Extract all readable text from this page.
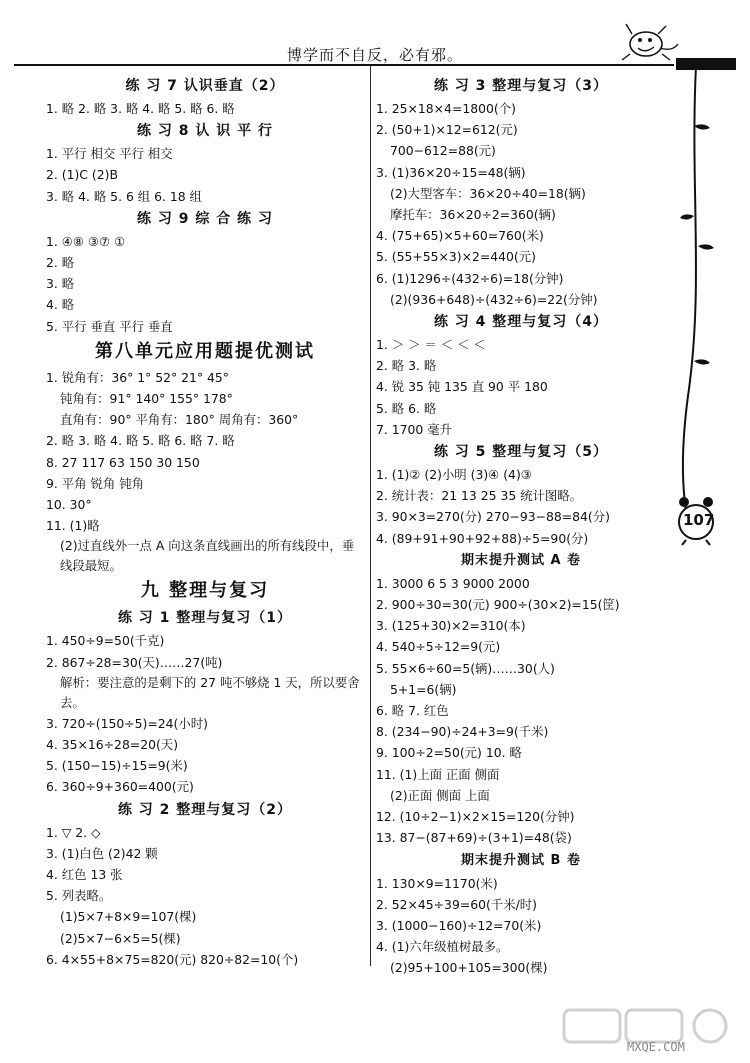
博学而不自反，必有邪。
107
练 习 7 认识垂直（2）
1. 略 2. 略 3. 略 4. 略 5. 略 6. 略
练 习 8 认 识 平 行
1. 平行 相交 平行 相交
2. (1)C (2)B
3. 略 4. 略 5. 6 组 6. 18 组
练 习 9 综 合 练 习
1. ④⑧ ③⑦ ①
2. 略
3. 略
4. 略
5. 平行 垂直 平行 垂直
第八单元应用题提优测试
1. 锐角有：36° 1° 52° 21° 45°
钝角有：91° 140° 155° 178°
直角有：90° 平角有：180° 周角有：360°
2. 略 3. 略 4. 略 5. 略 6. 略 7. 略
8. 27 117 63 150 30 150
9. 平角 锐角 钝角
10. 30°
11. (1)略
(2)过直线外一点 A 向这条直线画出的所有线段中，垂线段最短。
九 整理与复习
练 习 1 整理与复习（1）
1. 450÷9=50(千克)
2. 867÷28=30(天)……27(吨)
解析：要注意的是剩下的 27 吨不够烧 1 天，所以要舍去。
3. 720÷(150÷5)=24(小时)
4. 35×16÷28=20(天)
5. (150−15)÷15=9(米)
6. 360÷9+360=400(元)
练 习 2 整理与复习（2）
1. ▽ 2. ◇
3. (1)白色 (2)42 颗
4. 红色 13 张
5. 列表略。
(1)5×7+8×9=107(棵)
(2)5×7−6×5=5(棵)
6. 4×55+8×75=820(元) 820÷82=10(个)
练 习 3 整理与复习（3）
1. 25×18×4=1800(个)
2. (50+1)×12=612(元)
700−612=88(元)
3. (1)36×20÷15=48(辆)
(2)大型客车：36×20÷40=18(辆)
摩托车：36×20÷2=360(辆)
4. (75+65)×5+60=760(米)
5. (55+55×3)×2=440(元)
6. (1)1296÷(432÷6)=18(分钟)
(2)(936+648)÷(432÷6)=22(分钟)
练 习 4 整理与复习（4）
1. ＞ ＞ ＝ ＜ ＜ ＜
2. 略 3. 略
4. 锐 35 钝 135 直 90 平 180
5. 略 6. 略
7. 1700 毫升
练 习 5 整理与复习（5）
1. (1)② (2)小明 (3)④ (4)③
2. 统计表：21 13 25 35 统计图略。
3. 90×3=270(分) 270−93−88=84(分)
4. (89+91+90+92+88)÷5=90(分)
期末提升测试 A 卷
1. 3000 6 5 3 9000 2000
2. 900÷30=30(元) 900÷(30×2)=15(筐)
3. (125+30)×2=310(本)
4. 540÷5÷12=9(元)
5. 55×6÷60=5(辆)……30(人)
5+1=6(辆)
6. 略 7. 红色
8. (234−90)÷24+3=9(千米)
9. 100÷2=50(元) 10. 略
11. (1)上面 正面 侧面
(2)正面 侧面 上面
12. (10÷2−1)×2×15=120(分钟)
13. 87−(87+69)÷(3+1)=48(袋)
期末提升测试 B 卷
1. 130×9=1170(米)
2. 52×45÷39=60(千米/时)
3. (1000−160)÷12=70(米)
4. (1)六年级植树最多。
(2)95+100+105=300(棵)
MXQE.COM
